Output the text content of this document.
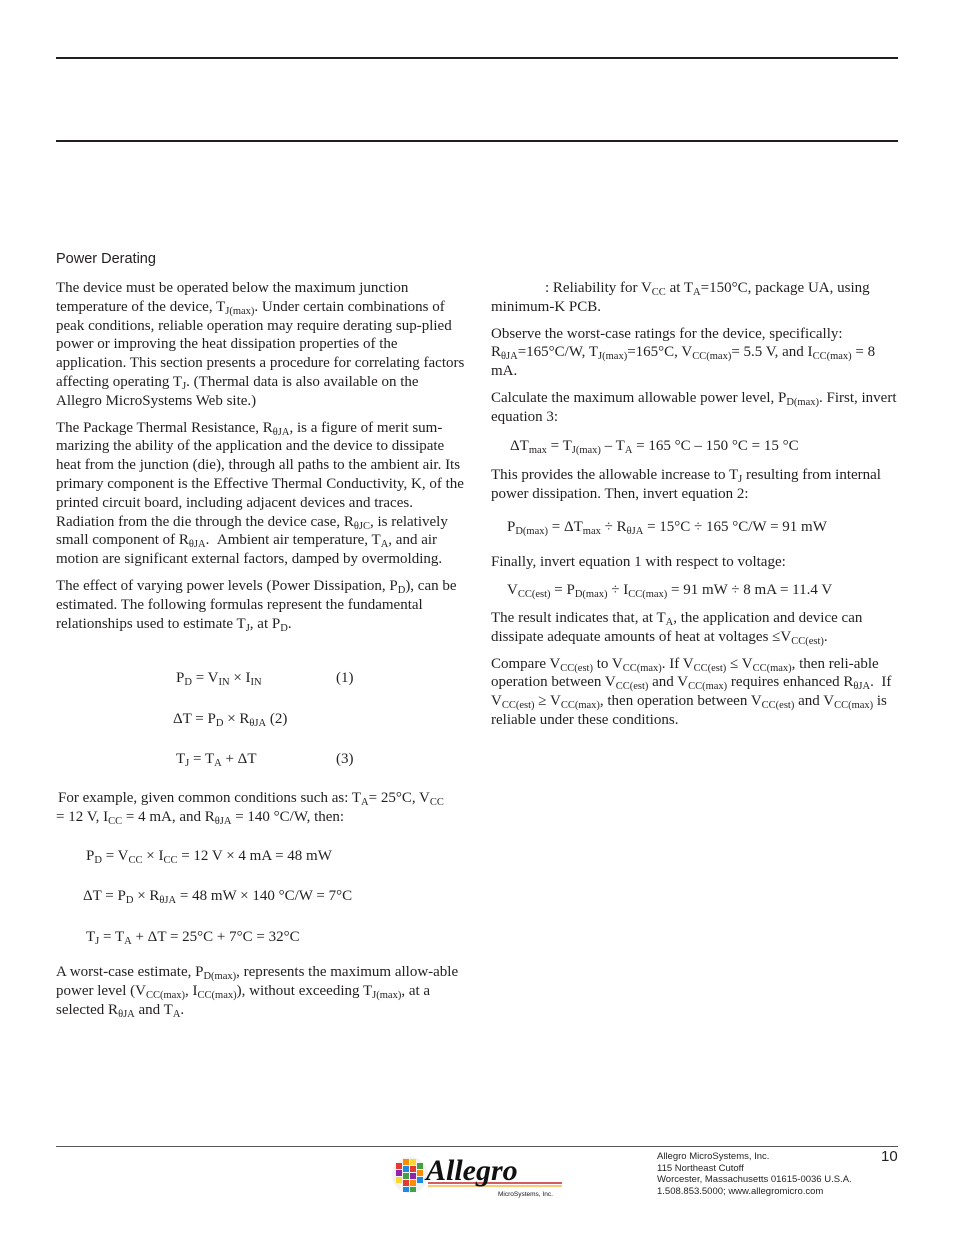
Power Derating

The device must be operated below the maximum junction temperature of the device, $T_{J(max)}$. Under certain combinations of peak conditions, reliable operation may require derating sup-plied power or improving the heat dissipation properties of the application. This section presents a procedure for correlating factors affecting operating $T_J$. (Thermal data is also available on the Allegro MicroSystems Web site.)

The Package Thermal Resistance, $R_{\theta JA}$, is a figure of merit sum-marizing the ability of the application and the device to dissipate heat from the junction (die), through all paths to the ambient air. Its primary component is the Effective Thermal Conductivity, K, of the printed circuit board, including adjacent devices and traces. Radiation from the die through the device case, $R_{\theta JC}$, is relatively small component of $R_{\theta JA}$.  Ambient air temperature, $T_A$, and air motion are significant external factors, damped by overmolding.

The effect of varying power levels (Power Dissipation, $P_D$), can be estimated. The following formulas represent the fundamental relationships used to estimate $T_J$, at $P_D$.

$P_D = V_{IN} \times I_{IN}$	(1)
$\Delta T = P_D \times R_{\theta JA}$ (2)
$T_J = T_A + \Delta T$	(3)
For example, given common conditions such as: $T_A= 25^\circ C$, $V_{CC} = 12$ V, $I_{CC} = 4$ mA, and $R_{\theta JA} = 140$ °C/W, then:
$P_D = V_{CC} \times I_{CC} = 12$ V × 4 mA = 48 mW
$\Delta T = P_D \times R_{\theta JA} = 48$ mW × 140 °C/W = 7°C
$T_J = T_A + \Delta T = 25^\circ C + 7^\circ C = 32^\circ C$
A worst-case estimate, $P_{D(max)}$, represents the maximum allow-able power level ($V_{CC(max)}$, $I_{CC(max)}$), without exceeding $T_{J(max)}$, at a selected $R_{\theta JA}$ and $T_A$.

: Reliability for $V_{CC}$ at $T_A=150^\circ C$, package UA, using minimum-K PCB.

Observe the worst-case ratings for the device, specifically: $R_{\theta JA}=165^\circ C/W$, $T_{J(max)}=165^\circ C$, $V_{CC(max)}= 5.5$ V, and $I_{CC(max)} = 8$ mA.

Calculate the maximum allowable power level, $P_{D(max)}$. First, invert equation 3:

$\Delta T_{max} = T_{J(max)} - T_A = 165$ °C – 150 °C = 15 °C
This provides the allowable increase to $T_J$ resulting from internal power dissipation. Then, invert equation 2:
$P_{D(max)} = \Delta T_{max} \div R_{\theta JA} = 15^\circ C \div 165$ °C/W = 91 mW
Finally, invert equation 1 with respect to voltage:
$V_{CC(est)} = P_{D(max)} \div I_{CC(max)} = 91$ mW ÷ 8 mA = 11.4 V

The result indicates that, at $T_A$, the application and device can dissipate adequate amounts of heat at voltages $\le V_{CC(est)}$.

Compare $V_{CC(est)}$ to $V_{CC(max)}$. If $V_{CC(est)} \le V_{CC(max)}$, then reli-able operation between $V_{CC(est)}$ and $V_{CC(max)}$ requires enhanced $R_{\theta JA}$.  If $V_{CC(est)} \ge V_{CC(max)}$, then operation between $V_{CC(est)}$ and $V_{CC(max)}$ is reliable under these conditions.

Allegro
MicroSystems, Inc.
Allegro MicroSystems, Inc.
115 Northeast Cutoff
Worcester, Massachusetts 01615-0036 U.S.A.
1.508.853.5000; www.allegromicro.com
10
